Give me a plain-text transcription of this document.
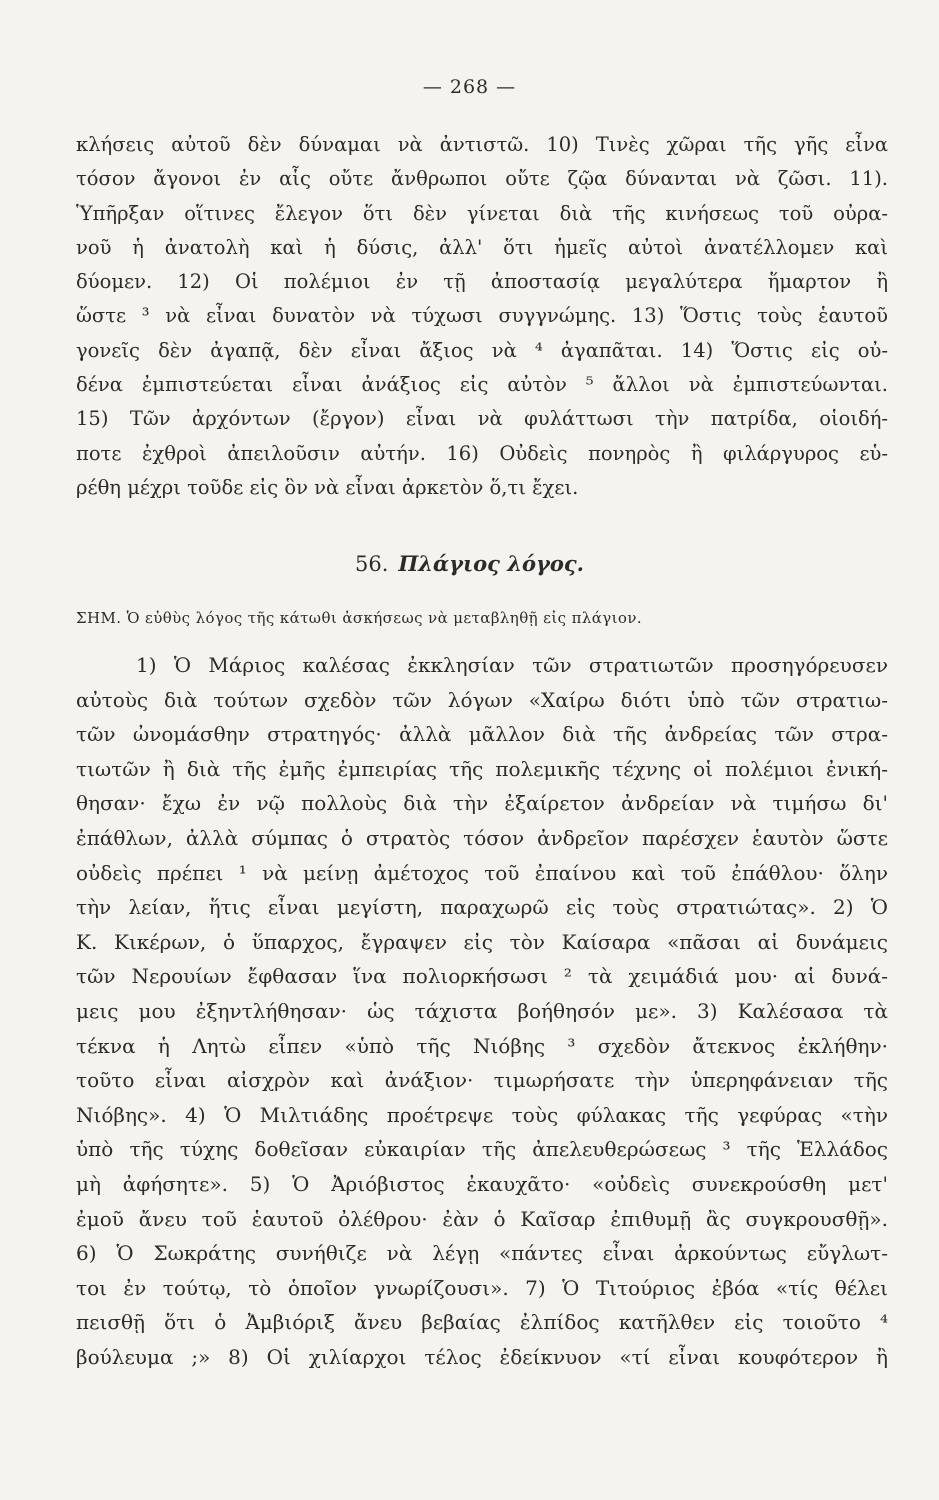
— 268 —
κλήσεις αὐτοῦ δὲν δύναμαι νὰ ἀντιστῶ. 10) Τινὲς χῶραι τῆς γῆς εἶνα
τόσον ἄγονοι ἐν αἷς οὔτε ἄνθρωποι οὔτε ζῷα δύνανται νὰ ζῶσι. 11).
Ὑπῆρξαν οἵτινες ἔλεγον ὅτι δὲν γίνεται διὰ τῆς κινήσεως τοῦ οὐρα-
νοῦ ἡ ἀνατολὴ καὶ ἡ δύσις, ἀλλ' ὅτι ἡμεῖς αὐτοὶ ἀνατέλλομεν καὶ
δύομεν. 12) Οἱ πολέμιοι ἐν τῇ ἀποστασίᾳ μεγαλύτερα ἥμαρτον ἢ
ὥστε ³ νὰ εἶναι δυνατὸν νὰ τύχωσι συγγνώμης. 13) Ὅστις τοὺς ἑαυτοῦ
γονεῖς δὲν ἀγαπᾷ, δὲν εἶναι ἄξιος νὰ ⁴ ἀγαπᾶται. 14) Ὅστις εἰς οὐ-
δένα ἐμπιστεύεται εἶναι ἀνάξιος εἰς αὐτὸν ⁵ ἄλλοι νὰ ἐμπιστεύωνται.
15) Τῶν ἀρχόντων (ἔργον) εἶναι νὰ φυλάττωσι τὴν πατρίδα, οἱοιδή-
ποτε ἐχθροὶ ἀπειλοῦσιν αὐτήν. 16) Οὐδεὶς πονηρὸς ἢ φιλάργυρος εὑ-
ρέθη μέχρι τοῦδε εἰς ὃν νὰ εἶναι ἀρκετὸν ὅ,τι ἔχει.
56. Πλάγιος λόγος.
ΣΗΜ. Ὁ εὐθὺς λόγος τῆς κάτωθι ἀσκήσεως νὰ μεταβληθῇ εἰς πλάγιον.
1) Ὁ Μάριος καλέσας ἐκκλησίαν τῶν στρατιωτῶν προσηγόρευσεν
αὐτοὺς διὰ τούτων σχεδὸν τῶν λόγων «Χαίρω διότι ὑπὸ τῶν στρατιω-
τῶν ὠνομάσθην στρατηγός· ἀλλὰ μᾶλλον διὰ τῆς ἀνδρείας τῶν στρα-
τιωτῶν ἢ διὰ τῆς ἐμῆς ἐμπειρίας τῆς πολεμικῆς τέχνης οἱ πολέμιοι ἐνική-
θησαν· ἔχω ἐν νῷ πολλοὺς διὰ τὴν ἐξαίρετον ἀνδρείαν νὰ τιμήσω δι'
ἐπάθλων, ἀλλὰ σύμπας ὁ στρατὸς τόσον ἀνδρεῖον παρέσχεν ἑαυτὸν ὥστε
οὐδεὶς πρέπει ¹ νὰ μείνῃ ἀμέτοχος τοῦ ἐπαίνου καὶ τοῦ ἐπάθλου· ὅλην
τὴν λείαν, ἥτις εἶναι μεγίστη, παραχωρῶ εἰς τοὺς στρατιώτας». 2) Ὁ
Κ. Κικέρων, ὁ ὕπαρχος, ἔγραψεν εἰς τὸν Καίσαρα «πᾶσαι αἱ δυνάμεις
τῶν Νερουίων ἔφθασαν ἵνα πολιορκήσωσι ² τὰ χειμάδιά μου· αἱ δυνά-
μεις μου ἐξηντλήθησαν· ὡς τάχιστα βοήθησόν με». 3) Καλέσασα τὰ
τέκνα ἡ Λητὼ εἶπεν «ὑπὸ τῆς Νιόβης ³ σχεδὸν ἄτεκνος ἐκλήθην·
τοῦτο εἶναι αἰσχρὸν καὶ ἀνάξιον· τιμωρήσατε τὴν ὑπερηφάνειαν τῆς
Νιόβης». 4) Ὁ Μιλτιάδης προέτρεψε τοὺς φύλακας τῆς γεφύρας «τὴν
ὑπὸ τῆς τύχης δοθεῖσαν εὐκαιρίαν τῆς ἀπελευθερώσεως ³ τῆς Ἑλλάδος
μὴ ἀφήσητε». 5) Ὁ Ἀριόβιστος ἐκαυχᾶτο· «οὐδεὶς συνεκρούσθη μετ'
ἐμοῦ ἄνευ τοῦ ἑαυτοῦ ὀλέθρου· ἐὰν ὁ Καῖσαρ ἐπιθυμῇ ἂς συγκρουσθῇ».
6) Ὁ Σωκράτης συνήθιζε νὰ λέγῃ «πάντες εἶναι ἀρκούντως εὔγλωτ-
τοι ἐν τούτῳ, τὸ ὁποῖον γνωρίζουσι». 7) Ὁ Τιτούριος ἐβόα «τίς θέλει
πεισθῇ ὅτι ὁ Ἀμβιόριξ ἄνευ βεβαίας ἐλπίδος κατῆλθεν εἰς τοιοῦτο ⁴
βούλευμα ;» 8) Οἱ χιλίαρχοι τέλος ἐδείκνυον «τί εἶναι κουφότερον ἢ
